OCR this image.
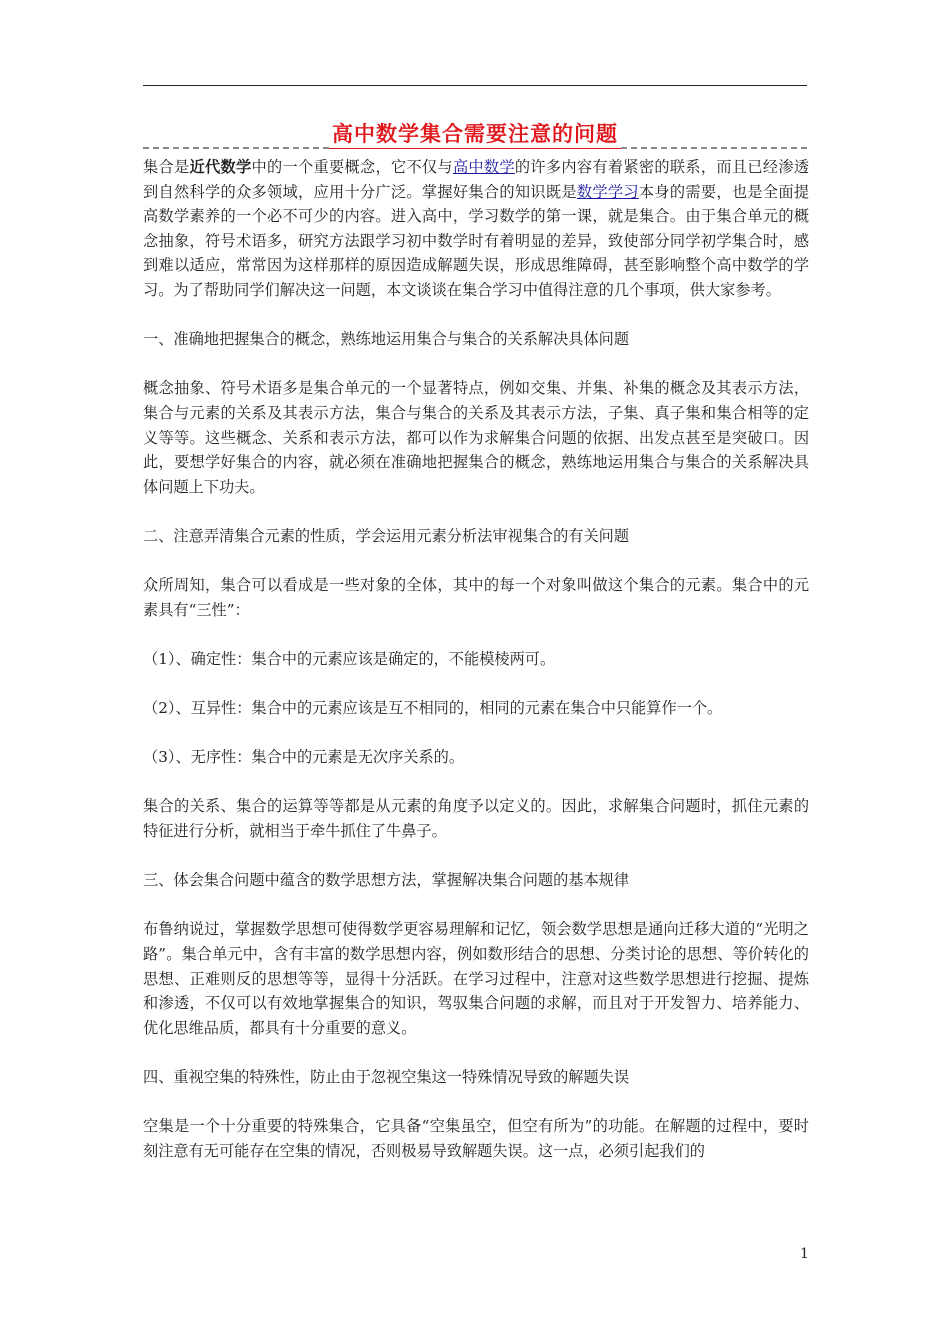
高中数学集合需要注意的问题

集合是近代数学中的一个重要概念，它不仅与高中数学的许多内容有着紧密的联系，而且已经渗透到自然科学的众多领域，应用十分广泛。掌握好集合的知识既是数学学习本身的需要，也是全面提高数学素养的一个必不可少的内容。进入高中，学习数学的第一课，就是集合。由于集合单元的概念抽象，符号术语多，研究方法跟学习初中数学时有着明显的差异，致使部分同学初学集合时，感到难以适应，常常因为这样那样的原因造成解题失误，形成思维障碍，甚至影响整个高中数学的学习。为了帮助同学们解决这一问题，本文谈谈在集合学习中值得注意的几个事项，供大家参考。

一、准确地把握集合的概念，熟练地运用集合与集合的关系解决具体问题

概念抽象、符号术语多是集合单元的一个显著特点，例如交集、并集、补集的概念及其表示方法，集合与元素的关系及其表示方法，集合与集合的关系及其表示方法，子集、真子集和集合相等的定义等等。这些概念、关系和表示方法，都可以作为求解集合问题的依据、出发点甚至是突破口。因此，要想学好集合的内容，就必须在准确地把握集合的概念，熟练地运用集合与集合的关系解决具体问题上下功夫。

二、注意弄清集合元素的性质，学会运用元素分析法审视集合的有关问题

众所周知，集合可以看成是一些对象的全体，其中的每一个对象叫做这个集合的元素。集合中的元素具有“三性”：

（1）、确定性：集合中的元素应该是确定的，不能模棱两可。

（2）、互异性：集合中的元素应该是互不相同的，相同的元素在集合中只能算作一个。

（3）、无序性：集合中的元素是无次序关系的。

集合的关系、集合的运算等等都是从元素的角度予以定义的。因此，求解集合问题时，抓住元素的特征进行分析，就相当于牵牛抓住了牛鼻子。

三、体会集合问题中蕴含的数学思想方法，掌握解决集合问题的基本规律

布鲁纳说过，掌握数学思想可使得数学更容易理解和记忆，领会数学思想是通向迁移大道的“光明之路”。集合单元中，含有丰富的数学思想内容，例如数形结合的思想、分类讨论的思想、等价转化的思想、正难则反的思想等等，显得十分活跃。在学习过程中，注意对这些数学思想进行挖掘、提炼和渗透，不仅可以有效地掌握集合的知识，驾驭集合问题的求解，而且对于开发智力、培养能力、优化思维品质，都具有十分重要的意义。

四、重视空集的特殊性，防止由于忽视空集这一特殊情况导致的解题失误

空集是一个十分重要的特殊集合，它具备“空集虽空，但空有所为”的功能。在解题的过程中，要时刻注意有无可能存在空集的情况，否则极易导致解题失误。这一点，必须引起我们的

1
